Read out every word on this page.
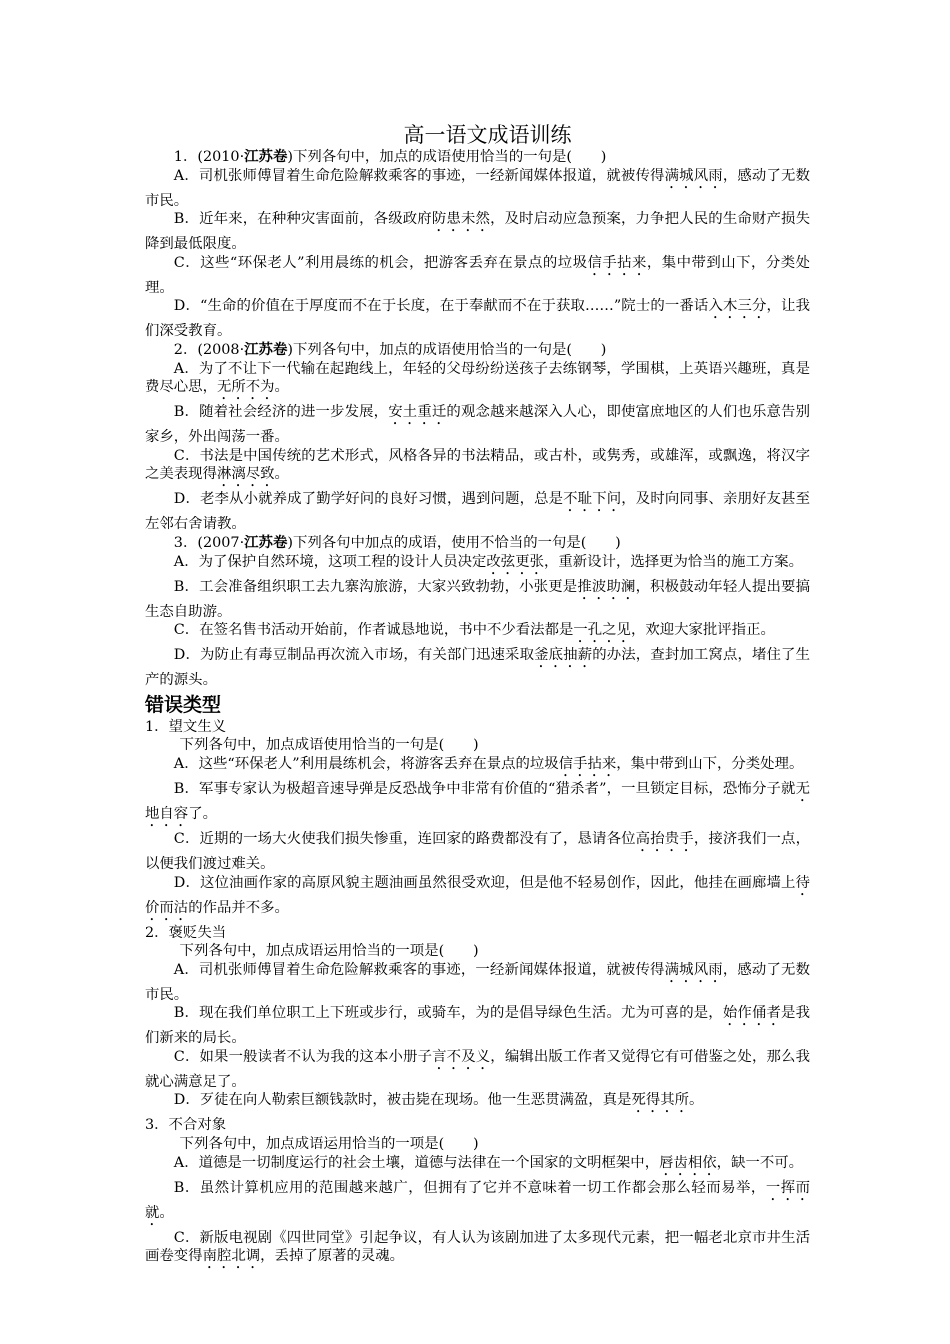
高一语文成语训练

1．(2010·江苏卷)下列各句中，加点的成语使用恰当的一句是(　　)

A．司机张师傅冒着生命危险解救乘客的事迹，一经新闻媒体报道，就被传得满城风雨，感动了无数市民。

B．近年来，在种种灾害面前，各级政府防患未然，及时启动应急预案，力争把人民的生命财产损失降到最低限度。

C．这些“环保老人”利用晨练的机会，把游客丢弃在景点的垃圾信手拈来，集中带到山下，分类处理。

D．“生命的价值在于厚度而不在于长度，在于奉献而不在于获取……”院士的一番话入木三分，让我们深受教育。

2．(2008·江苏卷)下列各句中，加点的成语使用恰当的一句是(　　)

A．为了不让下一代输在起跑线上，年轻的父母纷纷送孩子去练钢琴，学围棋，上英语兴趣班，真是费尽心思，无所不为。

B．随着社会经济的进一步发展，安土重迁的观念越来越深入人心，即使富庶地区的人们也乐意告别家乡，外出闯荡一番。

C．书法是中国传统的艺术形式，风格各异的书法精品，或古朴，或隽秀，或雄浑，或飘逸，将汉字之美表现得淋漓尽致。

D．老李从小就养成了勤学好问的良好习惯，遇到问题，总是不耻下问，及时向同事、亲朋好友甚至左邻右舍请教。

3．(2007·江苏卷)下列各句中加点的成语，使用不恰当的一句是(　　)

A．为了保护自然环境，这项工程的设计人员决定改弦更张，重新设计，选择更为恰当的施工方案。

B．工会准备组织职工去九寨沟旅游，大家兴致勃勃，小张更是推波助澜，积极鼓动年轻人提出要搞生态自助游。

C．在签名售书活动开始前，作者诚恳地说，书中不少看法都是一孔之见，欢迎大家批评指正。

D．为防止有毒豆制品再次流入市场，有关部门迅速采取釜底抽薪的办法，查封加工窝点，堵住了生产的源头。

错误类型

1．望文生义

下列各句中，加点成语使用恰当的一句是(　　)

A．这些“环保老人”利用晨练机会，将游客丢弃在景点的垃圾信手拈来，集中带到山下，分类处理。

B．军事专家认为极超音速导弹是反恐战争中非常有价值的“猎杀者”，一旦锁定目标，恐怖分子就无地自容了。

C．近期的一场大火使我们损失惨重，连回家的路费都没有了，恳请各位高抬贵手，接济我们一点，以便我们渡过难关。

D．这位油画作家的高原风貌主题油画虽然很受欢迎，但是他不轻易创作，因此，他挂在画廊墙上待价而沽的作品并不多。

2．褒贬失当

下列各句中，加点成语运用恰当的一项是(　　)

A．司机张师傅冒着生命危险解救乘客的事迹，一经新闻媒体报道，就被传得满城风雨，感动了无数市民。

B．现在我们单位职工上下班或步行，或骑车，为的是倡导绿色生活。尤为可喜的是，始作俑者是我们新来的局长。

C．如果一般读者不认为我的这本小册子言不及义，编辑出版工作者又觉得它有可借鉴之处，那么我就心满意足了。

D．歹徒在向人勒索巨额钱款时，被击毙在现场。他一生恶贯满盈，真是死得其所。

3．不合对象

下列各句中，加点成语运用恰当的一项是(　　)

A．道德是一切制度运行的社会土壤，道德与法律在一个国家的文明框架中，唇齿相依，缺一不可。

B．虽然计算机应用的范围越来越广，但拥有了它并不意味着一切工作都会那么轻而易举，一挥而就。

C．新版电视剧《四世同堂》引起争议，有人认为该剧加进了太多现代元素，把一幅老北京市井生活画卷变得南腔北调，丢掉了原著的灵魂。
